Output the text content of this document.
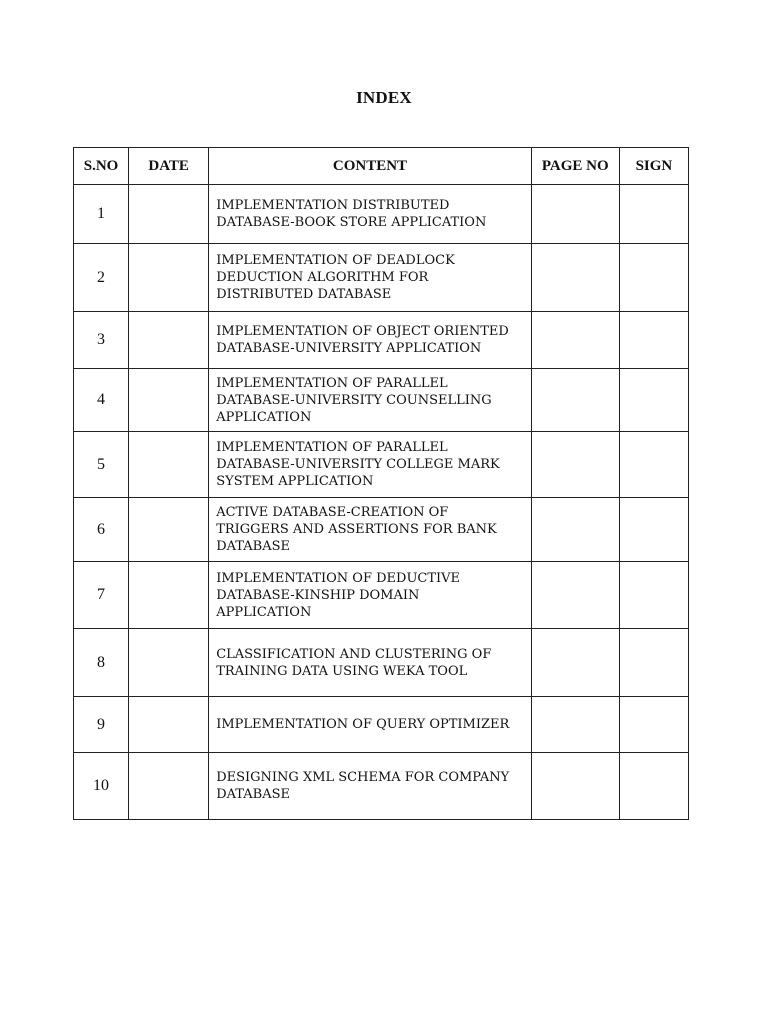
INDEX
S.NO	DATE	CONTENT	PAGE NO	SIGN
1		IMPLEMENTATION DISTRIBUTED
DATABASE-BOOK STORE APPLICATION		
2		IMPLEMENTATION OF DEADLOCK
DEDUCTION ALGORITHM FOR
DISTRIBUTED DATABASE		
3		IMPLEMENTATION OF OBJECT ORIENTED
DATABASE-UNIVERSITY APPLICATION		
4		IMPLEMENTATION OF PARALLEL
DATABASE-UNIVERSITY COUNSELLING
APPLICATION		
5		IMPLEMENTATION OF PARALLEL
DATABASE-UNIVERSITY COLLEGE MARK
SYSTEM APPLICATION		
6		ACTIVE DATABASE-CREATION OF
TRIGGERS AND ASSERTIONS FOR BANK
DATABASE		
7		IMPLEMENTATION OF DEDUCTIVE
DATABASE-KINSHIP DOMAIN
APPLICATION		
8		CLASSIFICATION AND CLUSTERING OF
TRAINING DATA USING WEKA TOOL		
9		IMPLEMENTATION OF QUERY OPTIMIZER		
10		DESIGNING XML SCHEMA FOR COMPANY
DATABASE		
